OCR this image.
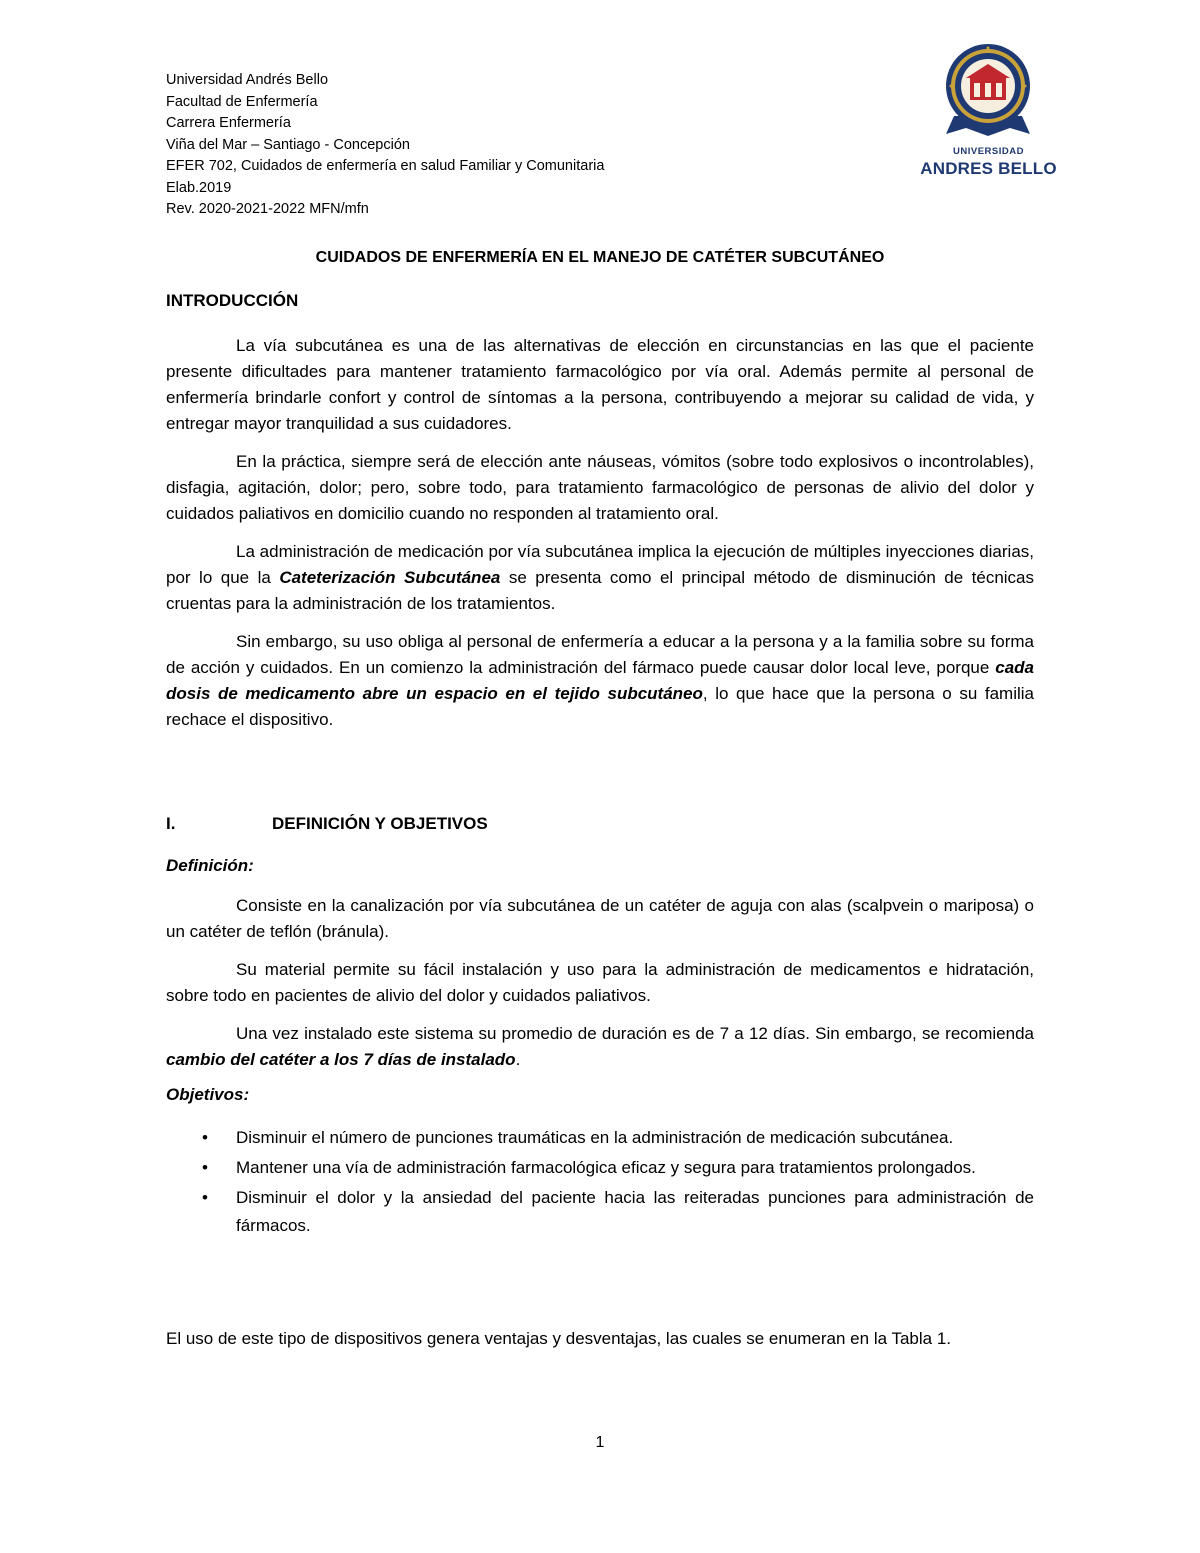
Universidad Andrés Bello
Facultad de Enfermería
Carrera Enfermería
Viña del Mar – Santiago - Concepción
EFER 702, Cuidados de enfermería en salud Familiar y Comunitaria
Elab.2019
Rev. 2020-2021-2022 MFN/mfn
UNIVERSIDAD
ANDRES BELLO
CUIDADOS DE ENFERMERÍA EN EL MANEJO DE CATÉTER SUBCUTÁNEO
INTRODUCCIÓN

La vía subcutánea es una de las alternativas de elección en circunstancias en las que el paciente presente dificultades para mantener tratamiento farmacológico por vía oral. Además permite al personal de enfermería brindarle confort y control de síntomas a la persona, contribuyendo a mejorar su calidad de vida, y entregar mayor tranquilidad a sus cuidadores.

En la práctica, siempre será de elección ante náuseas, vómitos (sobre todo explosivos o incontrolables), disfagia, agitación, dolor; pero, sobre todo, para tratamiento farmacológico de personas de alivio del dolor y cuidados paliativos en domicilio cuando no responden al tratamiento oral.

La administración de medicación por vía subcutánea implica la ejecución de múltiples inyecciones diarias, por lo que la Cateterización Subcutánea se presenta como el principal método de disminución de técnicas cruentas para la administración de los tratamientos.

Sin embargo, su uso obliga al personal de enfermería a educar a la persona y a la familia sobre su forma de acción y cuidados. En un comienzo la administración del fármaco puede causar dolor local leve, porque cada dosis de medicamento abre un espacio en el tejido subcutáneo, lo que hace que la persona o su familia rechace el dispositivo.

I.	DEFINICIÓN Y OBJETIVOS
Definición:

Consiste en la canalización por vía subcutánea de un catéter de aguja con alas (scalpvein o mariposa) o un catéter de teflón (bránula).

Su material permite su fácil instalación y uso para la administración de medicamentos e hidratación, sobre todo en pacientes de alivio del dolor y cuidados paliativos.

Una vez instalado este sistema su promedio de duración es de 7 a 12 días. Sin embargo, se recomienda cambio del catéter a los 7 días de instalado.

Objetivos:
• Disminuir el número de punciones traumáticas en la administración de medicación subcutánea.
• Mantener una vía de administración farmacológica eficaz y segura para tratamientos prolongados.
• Disminuir el dolor y la ansiedad del paciente hacia las reiteradas punciones para administración de fármacos.
El uso de este tipo de dispositivos genera ventajas y desventajas, las cuales se enumeran en la Tabla 1.
1
